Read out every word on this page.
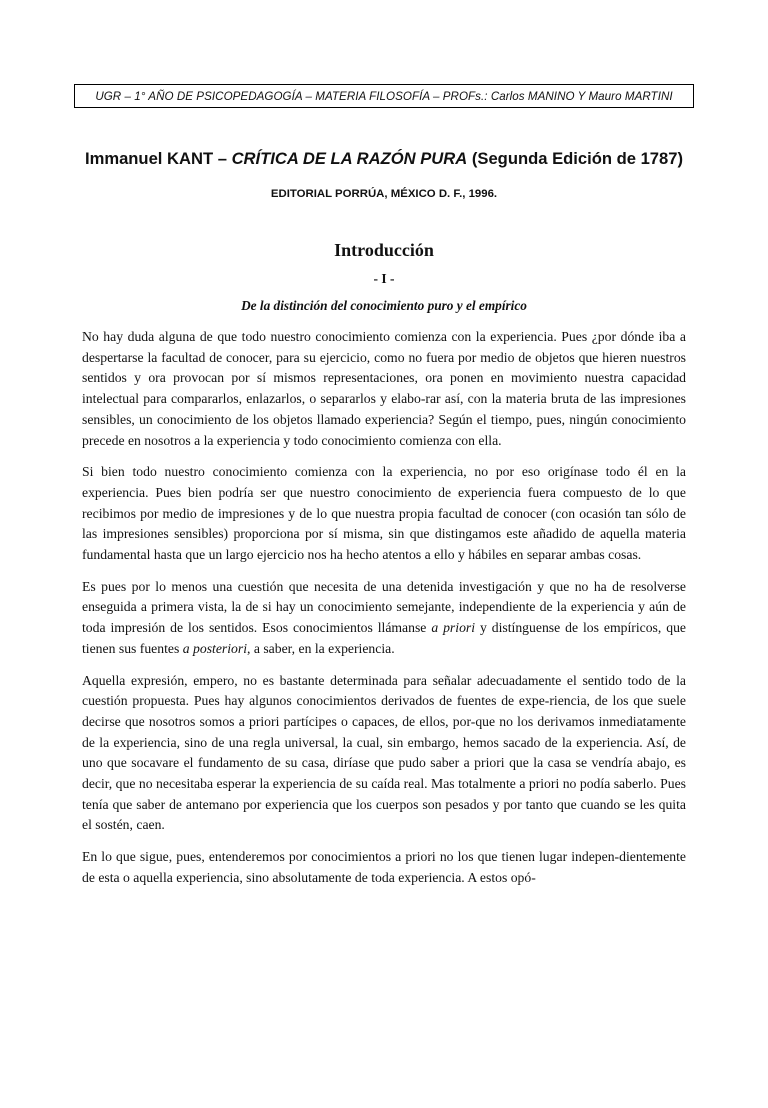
UGR – 1° AÑO DE PSICOPEDAGOGÍA – MATERIA FILOSOFÍA – PROFs.: Carlos MANINO Y Mauro MARTINI
Immanuel KANT – CRÍTICA DE LA RAZÓN PURA (Segunda Edición de 1787)
EDITORIAL PORRÚA, MÉXICO D. F., 1996.
Introducción
- I -
De la distinción del conocimiento puro y el empírico

No hay duda alguna de que todo nuestro conocimiento comienza con la experiencia. Pues ¿por dónde iba a despertarse la facultad de conocer, para su ejercicio, como no fuera por medio de objetos que hieren nuestros sentidos y ora provocan por sí mismos representaciones, ora ponen en movimiento nuestra capacidad intelectual para compararlos, enlazarlos, o separarlos y elabo-rar así, con la materia bruta de las impresiones sensibles, un conocimiento de los objetos llamado experiencia? Según el tiempo, pues, ningún conocimiento precede en nosotros a la experiencia y todo conocimiento comienza con ella.

Si bien todo nuestro conocimiento comienza con la experiencia, no por eso origínase todo él en la experiencia. Pues bien podría ser que nuestro conocimiento de experiencia fuera compuesto de lo que recibimos por medio de impresiones y de lo que nuestra propia facultad de conocer (con ocasión tan sólo de las impresiones sensibles) proporciona por sí misma, sin que distingamos este añadido de aquella materia fundamental hasta que un largo ejercicio nos ha hecho atentos a ello y hábiles en separar ambas cosas.

Es pues por lo menos una cuestión que necesita de una detenida investigación y que no ha de resolverse enseguida a primera vista, la de si hay un conocimiento semejante, independiente de la experiencia y aún de toda impresión de los sentidos. Esos conocimientos llámanse a priori y distínguense de los empíricos, que tienen sus fuentes a posteriori, a saber, en la experiencia.

Aquella expresión, empero, no es bastante determinada para señalar adecuadamente el sentido todo de la cuestión propuesta. Pues hay algunos conocimientos derivados de fuentes de expe-riencia, de los que suele decirse que nosotros somos a priori partícipes o capaces, de ellos, por-que no los derivamos inmediatamente de la experiencia, sino de una regla universal, la cual, sin embargo, hemos sacado de la experiencia. Así, de uno que socavare el fundamento de su casa, diríase que pudo saber a priori que la casa se vendría abajo, es decir, que no necesitaba esperar la experiencia de su caída real. Mas totalmente a priori no podía saberlo. Pues tenía que saber de antemano por experiencia que los cuerpos son pesados y por tanto que cuando se les quita el sostén, caen.

En lo que sigue, pues, entenderemos por conocimientos a priori no los que tienen lugar indepen-dientemente de esta o aquella experiencia, sino absolutamente de toda experiencia. A estos opó-
